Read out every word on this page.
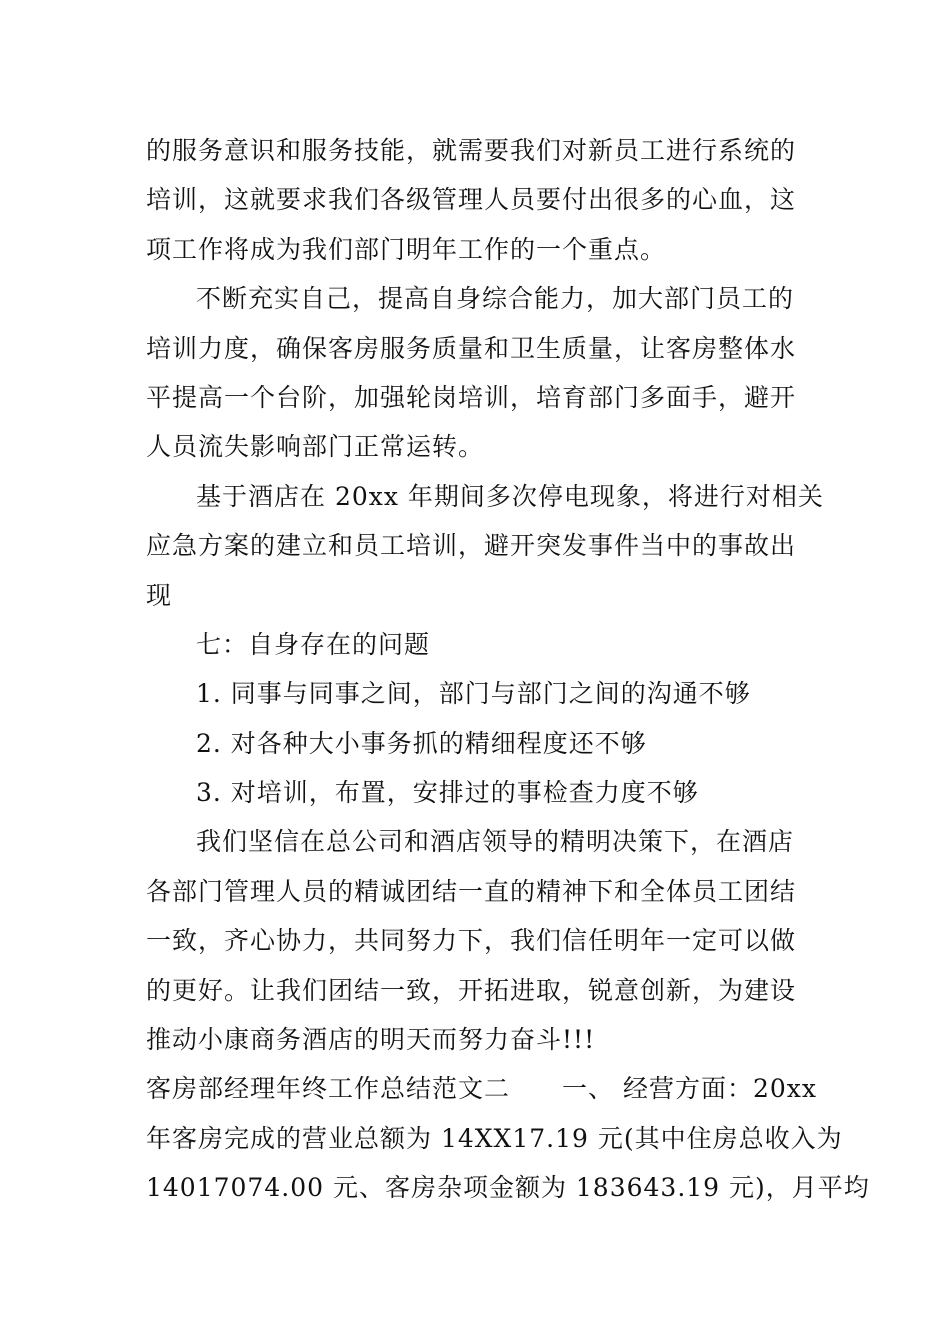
的服务意识和服务技能，就需要我们对新员工进行系统的
培训，这就要求我们各级管理人员要付出很多的心血，这
项工作将成为我们部门明年工作的一个重点。
不断充实自己，提高自身综合能力，加大部门员工的
培训力度，确保客房服务质量和卫生质量，让客房整体水
平提高一个台阶，加强轮岗培训，培育部门多面手，避开
人员流失影响部门正常运转。
基于酒店在 20xx 年期间多次停电现象，将进行对相关
应急方案的建立和员工培训，避开突发事件当中的事故出
现
七：自身存在的问题
1. 同事与同事之间，部门与部门之间的沟通不够
2. 对各种大小事务抓的精细程度还不够
3. 对培训，布置，安排过的事检查力度不够
我们坚信在总公司和酒店领导的精明决策下，在酒店
各部门管理人员的精诚团结一直的精神下和全体员工团结
一致，齐心协力，共同努力下，我们信任明年一定可以做
的更好。让我们团结一致，开拓进取，锐意创新，为建设
推动小康商务酒店的明天而努力奋斗!!!
客房部经理年终工作总结范文二　　一、 经营方面：20xx
年客房完成的营业总额为 14XX17.19 元(其中住房总收入为
14017074.00 元、客房杂项金额为 183643.19 元)，月平均
